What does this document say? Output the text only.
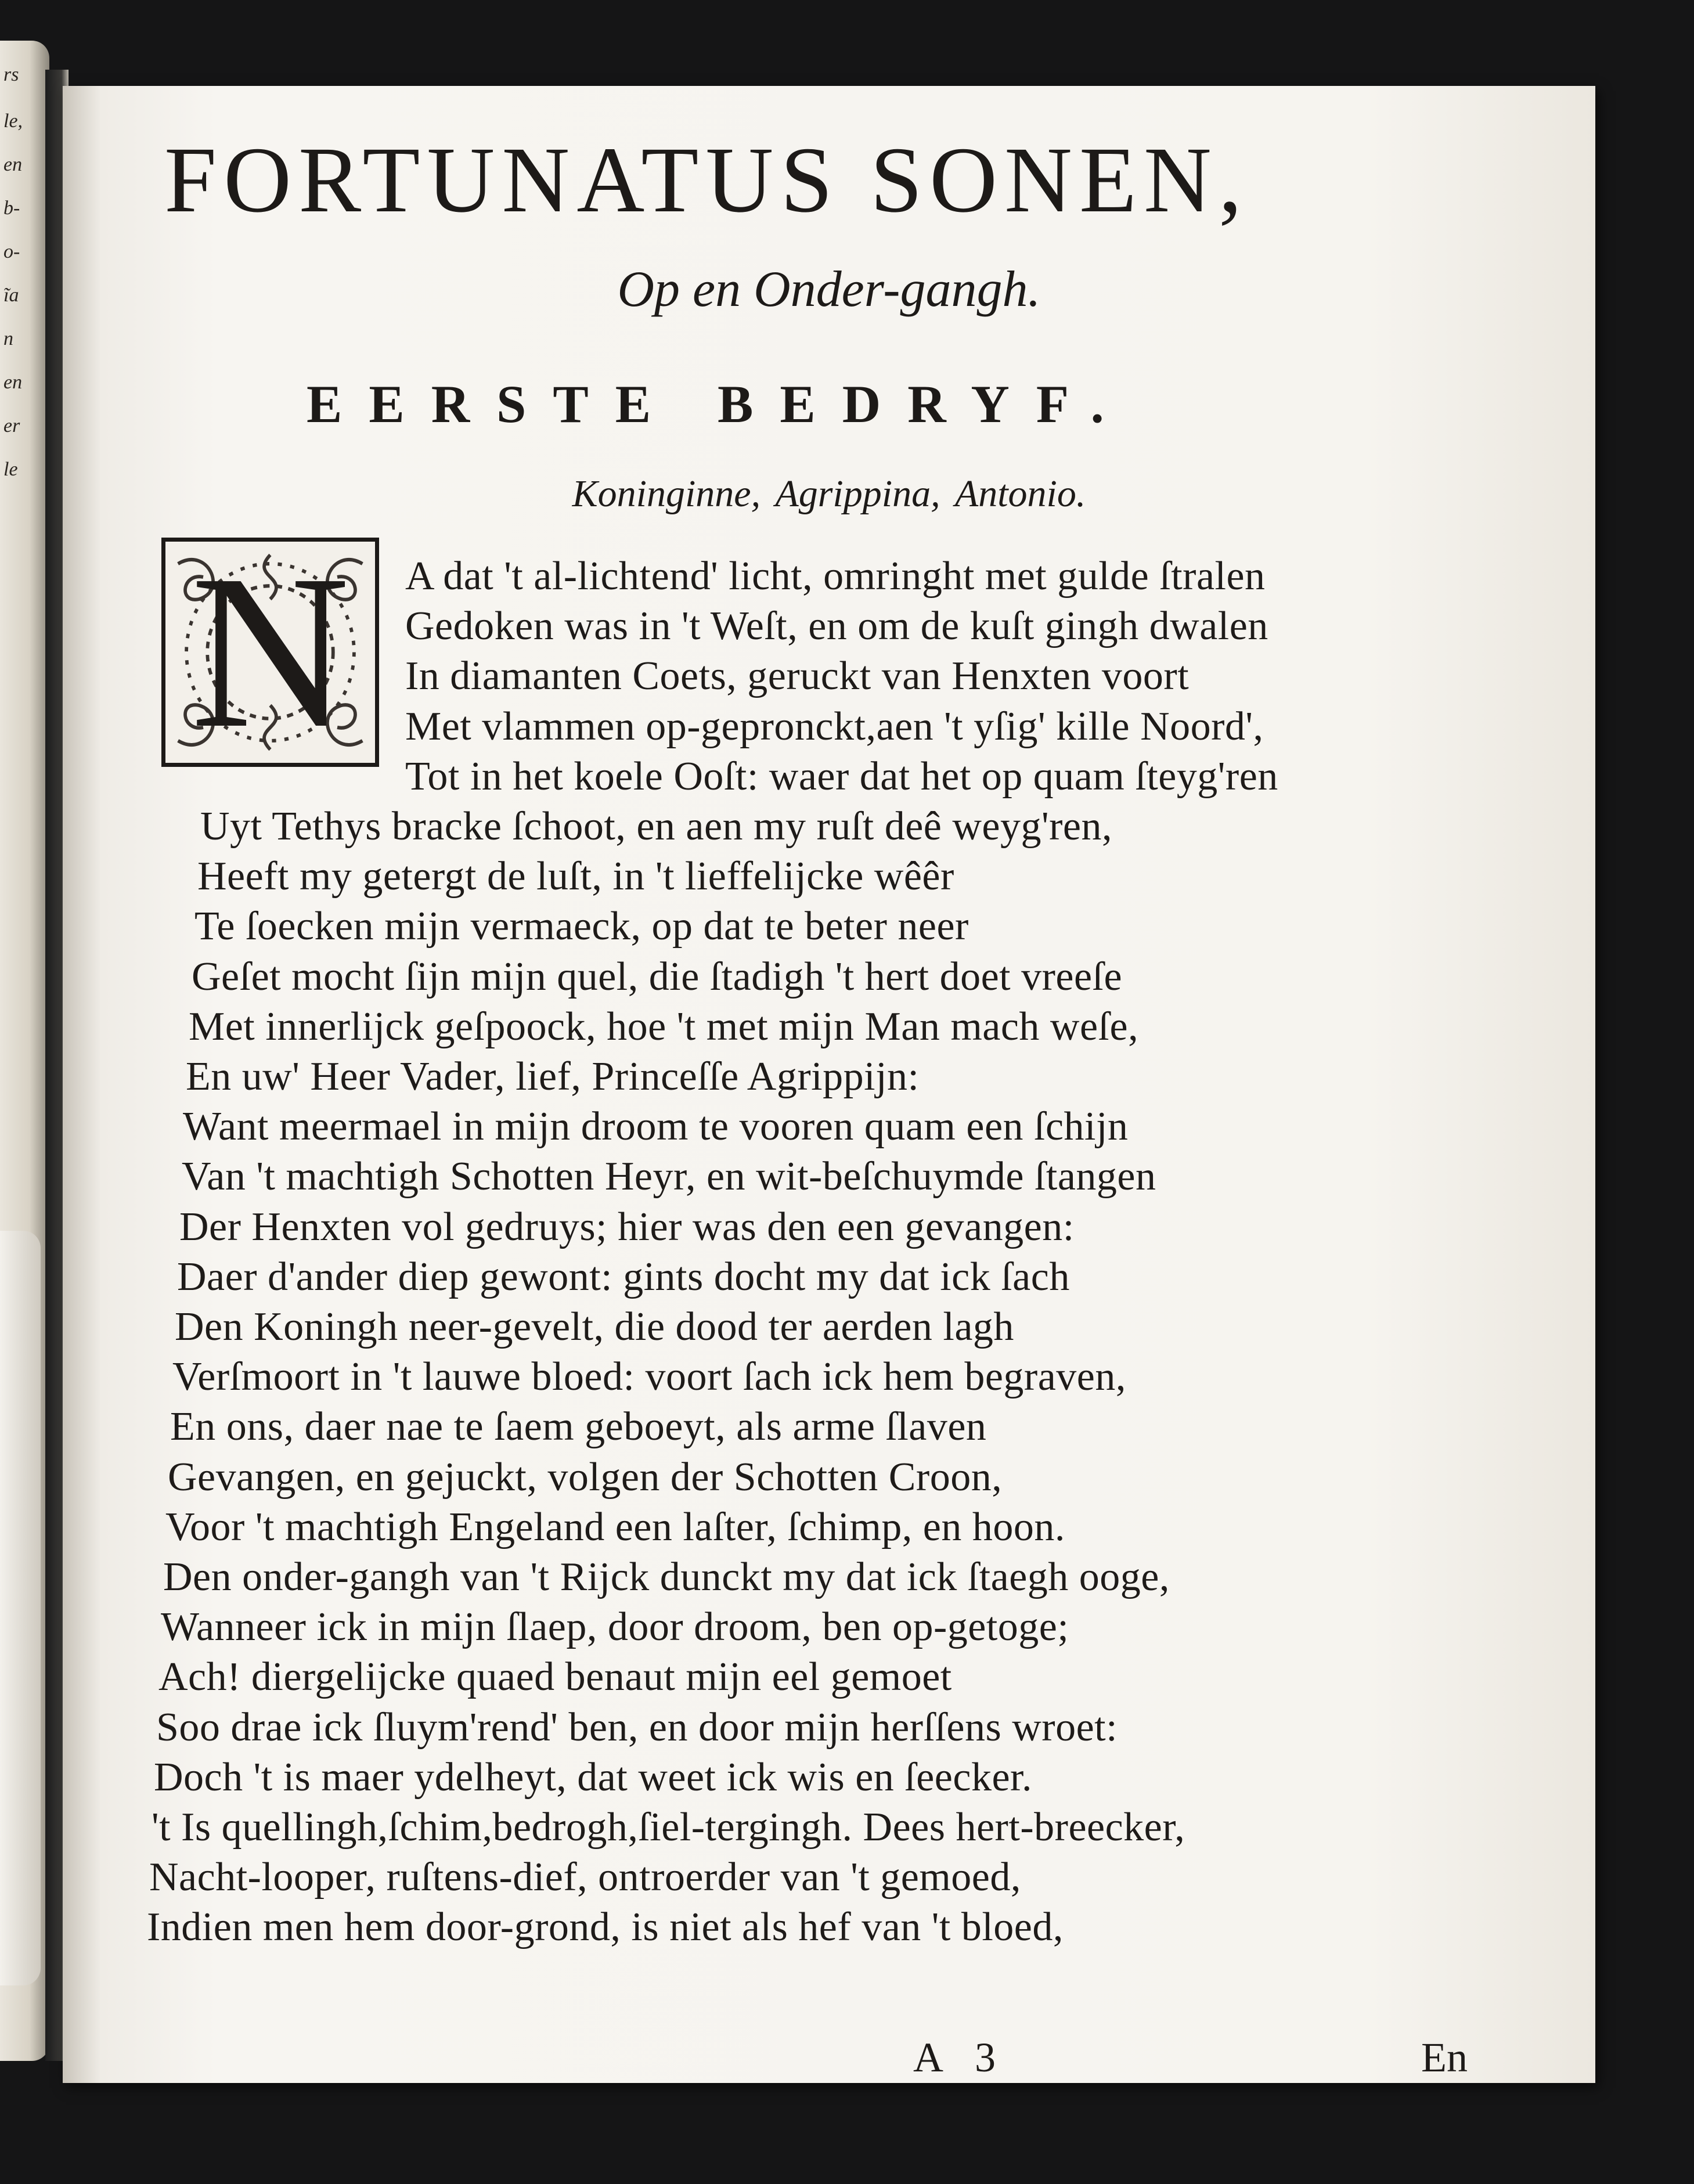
rs
le,
en
b-
o-
ĩa
n
en
er
le
FORTUNATUS SONEN,
Op en Onder-gangh.
EERSTE BEDRYF.
Koninginne, Agrippina, Antonio.
N	A dat 't al-lichtend' licht, omringht met gulde ſtralen
Gedoken was in 't Weſt, en om de kuſt gingh dwalen
In diamanten Coets, geruckt van Henxten voort
Met vlammen op-gepronckt,aen 't yſig' kille Noord',
Tot in het koele Ooſt: waer dat het op quam ſteyg'ren
Uyt Tethys bracke ſchoot, en aen my ruſt deê weyg'ren,
Heeft my getergt de luſt, in 't lieffelijcke wêêr
Te ſoecken mijn vermaeck, op dat te beter neer
Geſet mocht ſijn mijn quel, die ſtadigh 't hert doet vreeſe
Met innerlijck geſpoock, hoe 't met mijn Man mach weſe,
En uw' Heer Vader, lief, Princeſſe Agrippijn:
Want meermael in mijn droom te vooren quam een ſchijn
Van 't machtigh Schotten Heyr, en wit-beſchuymde ſtangen
Der Henxten vol gedruys; hier was den een gevangen:
Daer d'ander diep gewont: gints docht my dat ick ſach
Den Koningh neer-gevelt, die dood ter aerden lagh
Verſmoort in 't lauwe bloed: voort ſach ick hem begraven,
En ons, daer nae te ſaem geboeyt, als arme ſlaven
Gevangen, en gejuckt, volgen der Schotten Croon,
Voor 't machtigh Engeland een laſter, ſchimp, en hoon.
Den onder-gangh van 't Rijck dunckt my dat ick ſtaegh ooge,
Wanneer ick in mijn ſlaep, door droom, ben op-getoge;
Ach! diergelijcke quaed benaut mijn eel gemoet
Soo drae ick ſluym'rend' ben, en door mijn herſſens wroet:
Doch 't is maer ydelheyt, dat weet ick wis en ſeecker.
't Is quellingh,ſchim,bedrogh,ſiel-tergingh. Dees hert-breecker,
Nacht-looper, ruſtens-dief, ontroerder van 't gemoed,
Indien men hem door-grond, is niet als hef van 't bloed,
A 3	En
